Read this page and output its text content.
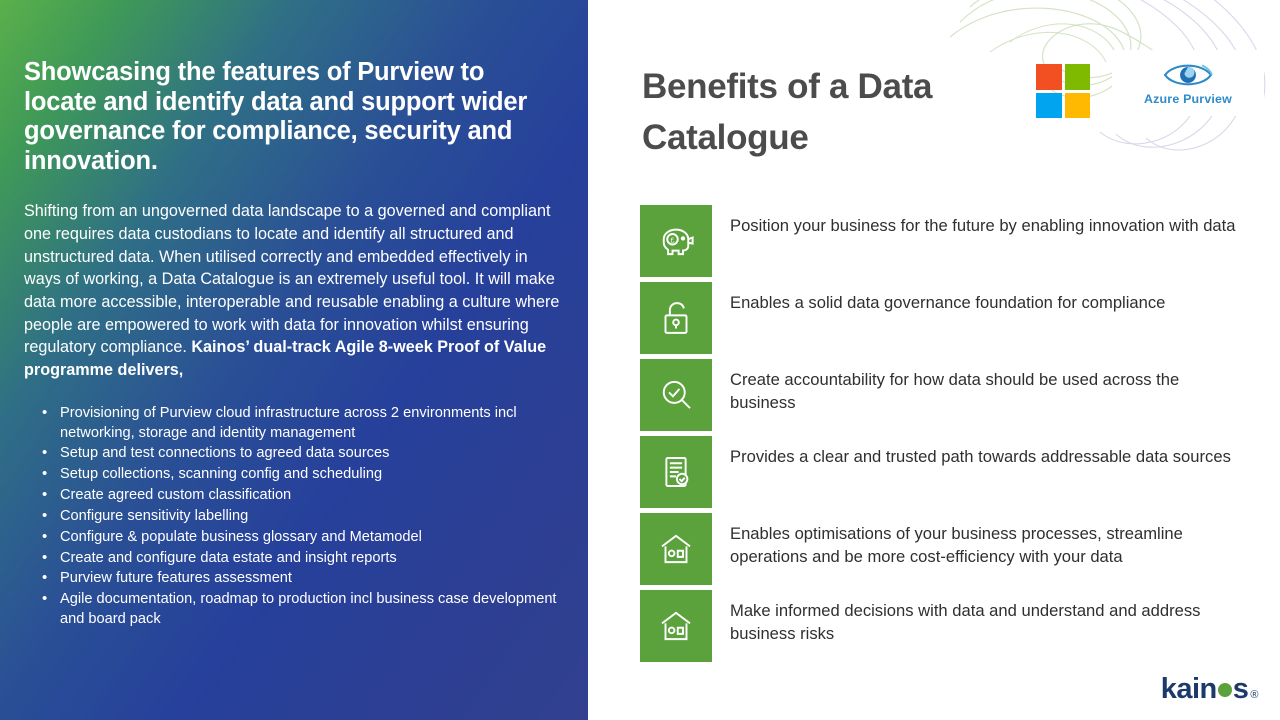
Showcasing the features of Purview to locate and identify data and support wider governance for compliance, security and innovation.
Shifting from an ungoverned data landscape to a governed and compliant one requires data custodians to locate and identify all structured and unstructured data. When utilised correctly and embedded effectively in ways of working, a Data Catalogue is an extremely useful tool. It will make data more accessible, interoperable and reusable enabling a culture where people are empowered to work with data for innovation whilst ensuring regulatory compliance. Kainos’ dual-track Agile 8-week Proof of Value programme delivers,
• Provisioning of Purview cloud infrastructure across 2 environments incl networking, storage and identity management
• Setup and test connections to agreed data sources
• Setup collections, scanning config and scheduling
• Create agreed custom classification
• Configure sensitivity labelling
• Configure & populate business glossary and Metamodel
• Create and configure data estate and insight reports
• Purview future features assessment
• Agile documentation, roadmap to production incl business case development and board pack
Benefits of a Data Catalogue
Azure Purview
£
Position your business for the future by enabling innovation with data
Enables a solid data governance foundation for compliance
Create accountability for how data should be used across the business
Provides a clear and trusted path towards addressable data sources
Enables optimisations of your business processes, streamline operations and be more cost-efficiency with your data
Make informed decisions with data and understand and address business risks
kain s ®
